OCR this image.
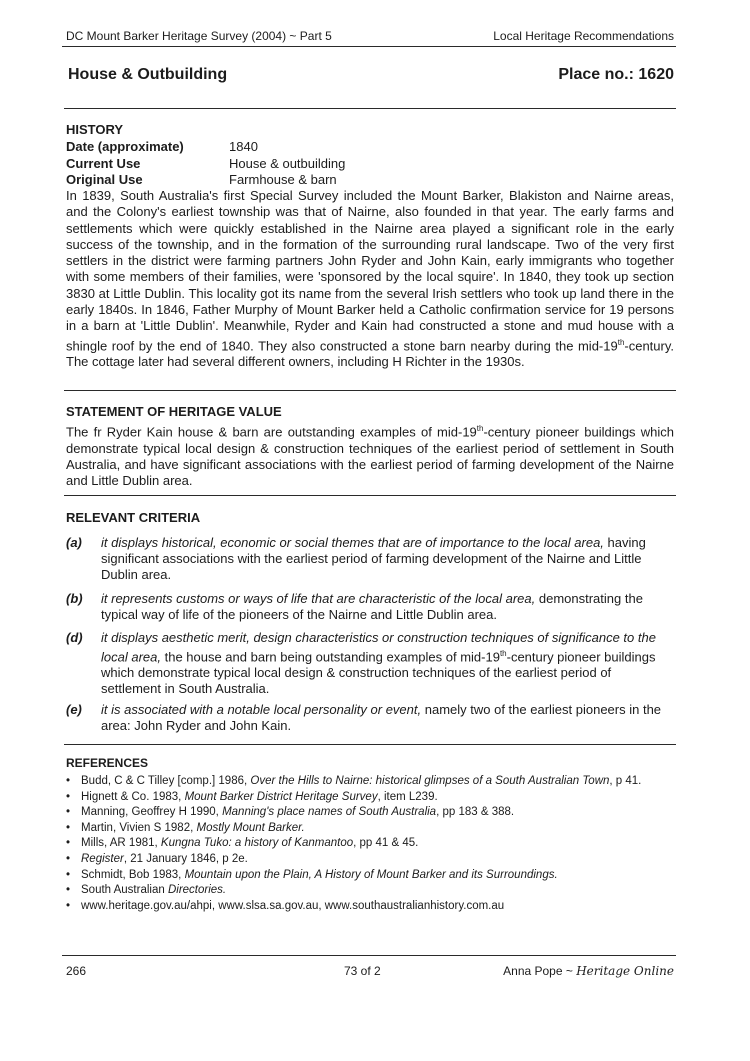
DC Mount Barker Heritage Survey (2004) ~ Part 5	Local Heritage Recommendations
House & Outbuilding	Place no.: 1620
HISTORY
Date (approximate)	1840
Current Use	House & outbuilding
Original Use	Farmhouse & barn

In 1839, South Australia's first Special Survey included the Mount Barker, Blakiston and Nairne areas, and the Colony's earliest township was that of Nairne, also founded in that year. The early farms and settlements which were quickly established in the Nairne area played a significant role in the early success of the township, and in the formation of the surrounding rural landscape. Two of the very first settlers in the district were farming partners John Ryder and John Kain, early immigrants who together with some members of their families, were 'sponsored by the local squire'. In 1840, they took up section 3830 at Little Dublin. This locality got its name from the several Irish settlers who took up land there in the early 1840s. In 1846, Father Murphy of Mount Barker held a Catholic confirmation service for 19 persons in a barn at 'Little Dublin'. Meanwhile, Ryder and Kain had constructed a stone and mud house with a shingle roof by the end of 1840. They also constructed a stone barn nearby during the mid-19th-century. The cottage later had several different owners, including H Richter in the 1930s.

STATEMENT OF HERITAGE VALUE

The fr Ryder Kain house & barn are outstanding examples of mid-19th-century pioneer buildings which demonstrate typical local design & construction techniques of the earliest period of settlement in South Australia, and have significant associations with the earliest period of farming development of the Nairne and Little Dublin area.

RELEVANT CRITERIA
(a) it displays historical, economic or social themes that are of importance to the local area, having significant associations with the earliest period of farming development of the Nairne and Little Dublin area.
(b) it represents customs or ways of life that are characteristic of the local area, demonstrating the typical way of life of the pioneers of the Nairne and Little Dublin area.
(d) it displays aesthetic merit, design characteristics or construction techniques of significance to the local area, the house and barn being outstanding examples of mid-19th-century pioneer buildings which demonstrate typical local design & construction techniques of the earliest period of settlement in South Australia.
(e) it is associated with a notable local personality or event, namely two of the earliest pioneers in the area: John Ryder and John Kain.
REFERENCES
• Budd, C & C Tilley [comp.] 1986, Over the Hills to Nairne: historical glimpses of a South Australian Town, p 41.
• Hignett & Co. 1983, Mount Barker District Heritage Survey, item L239.
• Manning, Geoffrey H 1990, Manning's place names of South Australia, pp 183 & 388.
• Martin, Vivien S 1982, Mostly Mount Barker.
• Mills, AR 1981, Kungna Tuko: a history of Kanmantoo, pp 41 & 45.
• Register, 21 January 1846, p 2e.
• Schmidt, Bob 1983, Mountain upon the Plain, A History of Mount Barker and its Surroundings.
• South Australian Directories.
• www.heritage.gov.au/ahpi, www.slsa.sa.gov.au, www.southaustralianhistory.com.au
266	73 of 2	Anna Pope ~ Heritage Online
